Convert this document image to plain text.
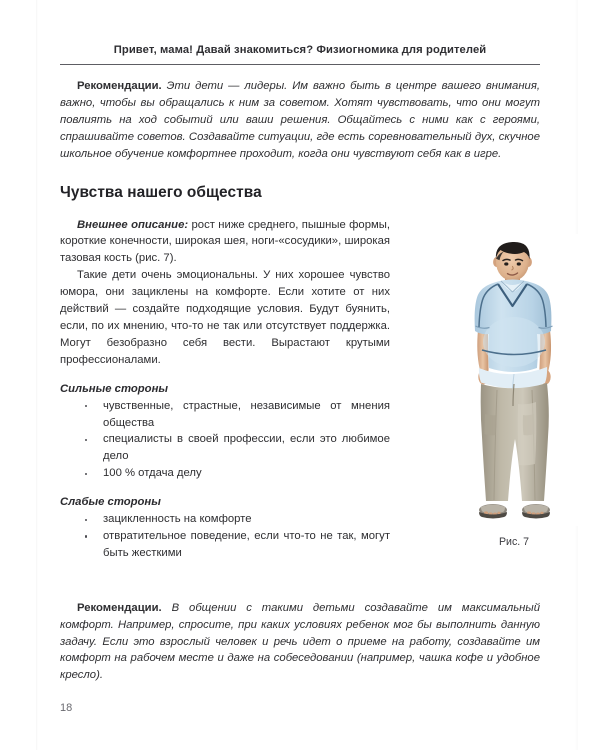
Привет, мама! Давай знакомиться? Физиогномика для родителей

Рекомендации. Эти дети — лидеры. Им важно быть в центре вашего внимания, важно, чтобы вы обращались к ним за советом. Хотят чувствовать, что они могут повлиять на ход событий или ваши решения. Общайтесь с ними как с героями, спрашивайте советов. Создавайте ситуации, где есть соревновательный дух, скучное школьное обучение комфортнее проходит, когда они чувствуют себя как в игре.

Чувства нашего общества

Внешнее описание: рост ниже среднего, пышные формы, короткие конечности, широкая шея, ноги-«сосудики», широкая тазовая кость (рис. 7).

Такие дети очень эмоциональны. У них хорошее чувство юмора, они зациклены на комфорте. Если хотите от них действий — создайте подходящие условия. Будут буянить, если, по их мнению, что-то не так или отсутствует поддержка. Могут безобразно себя вести. Вырастают крутыми профессионалами.

Сильные стороны

чувственные, страстные, независимые от мнения общества
специалисты в своей профессии, если это любимое дело
100 % отдача делу

Слабые стороны

зацикленность на комфорте
отвратительное поведение, если что-то не так, могут быть жесткими

Рекомендации. В общении с такими детьми создавайте им максимальный комфорт. Например, спросите, при каких условиях ребенок мог бы выполнить данную задачу. Если это взрослый человек и речь идет о приеме на работу, создавайте им комфорт на рабочем месте и даже на собеседовании (например, чашка кофе и удобное кресло).

Рис. 7
18
